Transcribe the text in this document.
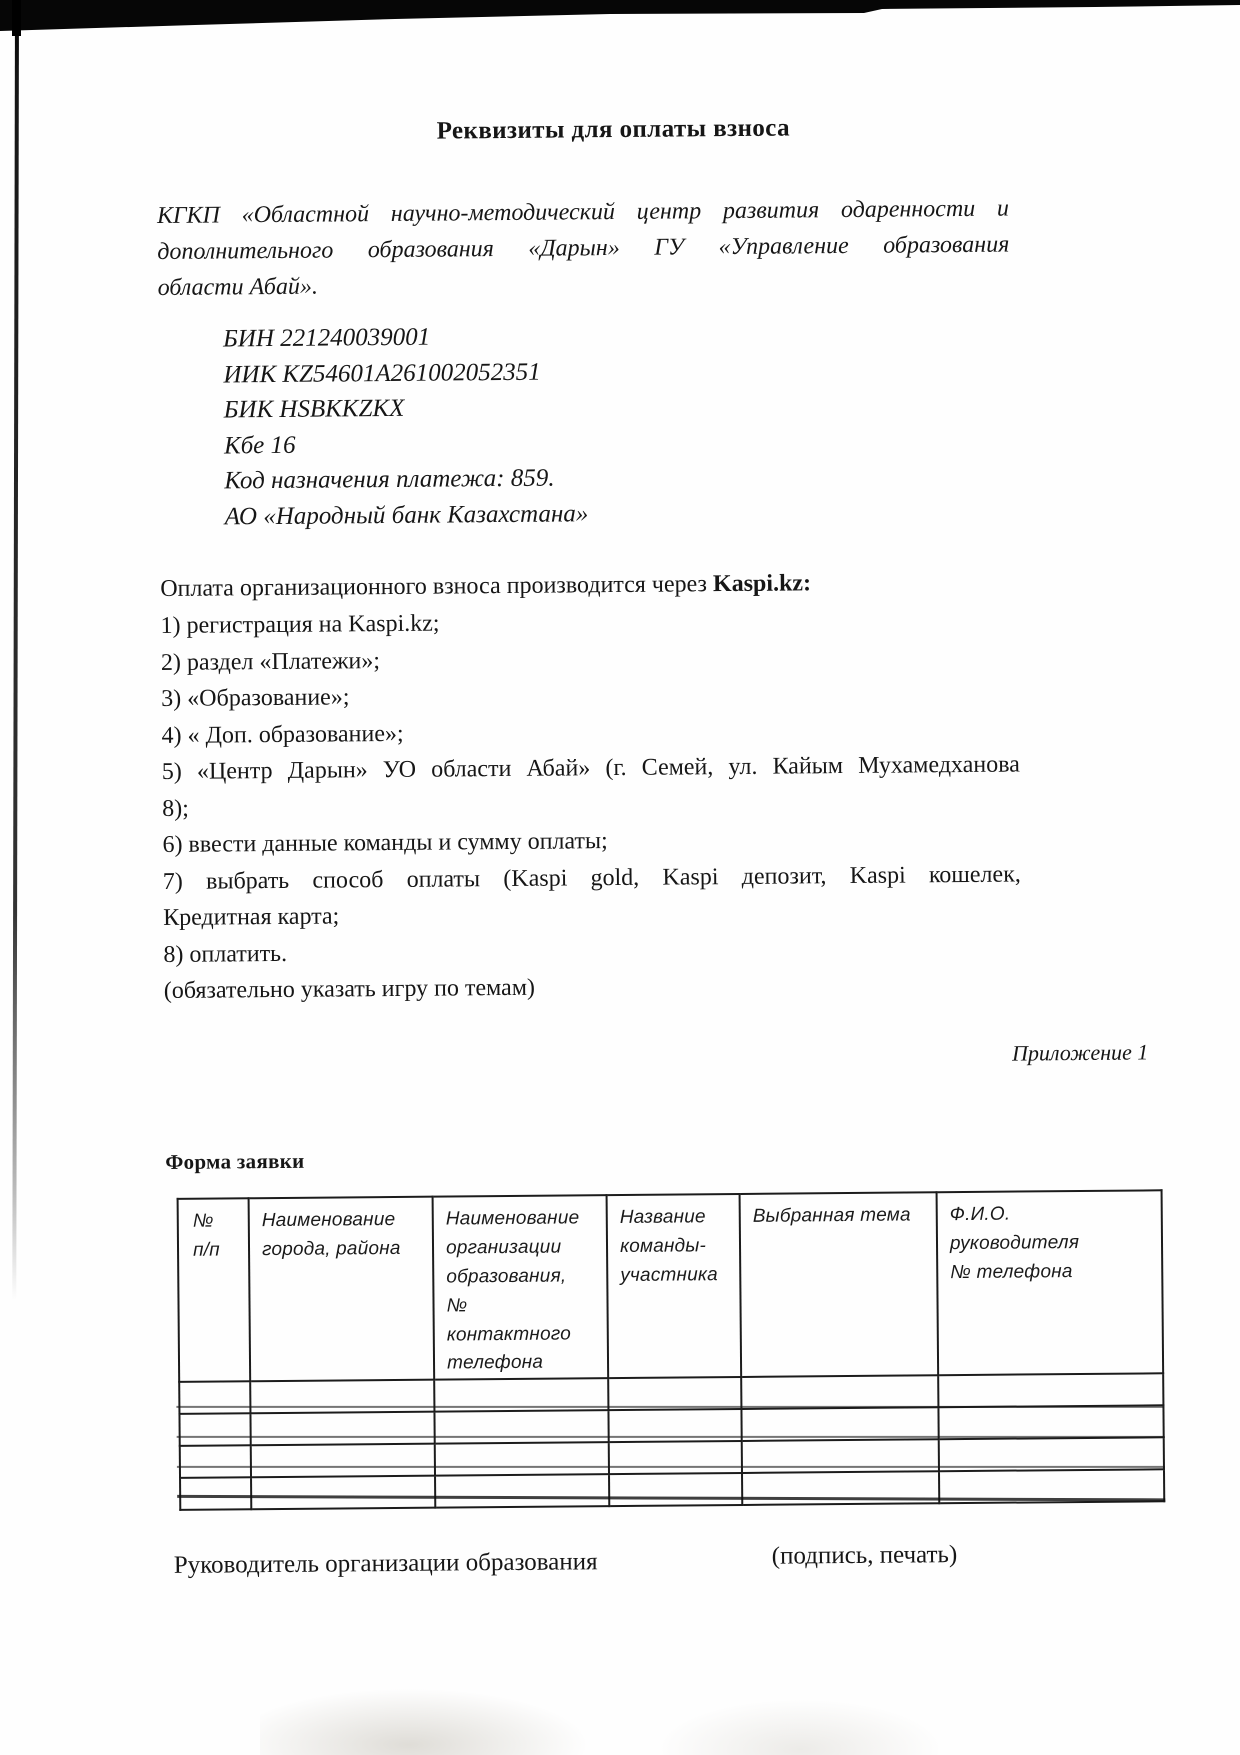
Реквизиты для оплаты взноса
КГКП «Областной научно-методический центр развития одаренности и
дополнительного образования «Дарын» ГУ «Управление образования
области Абай».
БИН 221240039001
ИИК KZ54601A261002052351
БИК HSBKKZKX
Кбе 16
Код назначения платежа: 859.
АО «Народный банк Казахстана»
Оплата организационного взноса производится через Kaspi.kz:
1) регистрация на Kaspi.kz;
2) раздел «Платежи»;
3) «Образование»;
4) « Доп. образование»;
5) «Центр Дарын» УО области Абай» (г. Семей, ул. Кайым Мухамедханова
8);
6) ввести данные команды и сумму оплаты;
7) выбрать способ оплаты (Kaspi gold, Kaspi депозит, Kaspi кошелек,
Кредитная карта;
8) оплатить.
(обязательно указать игру по темам)
Приложение 1
Форма заявки
№
п/п	Наименование
города, района	Наименование
организации
образования,
№
контактного
телефона	Название
команды-
участника	Выбранная тема	Ф.И.О.
руководителя
№ телефона

Руководитель организации образования	(подпись, печать)
